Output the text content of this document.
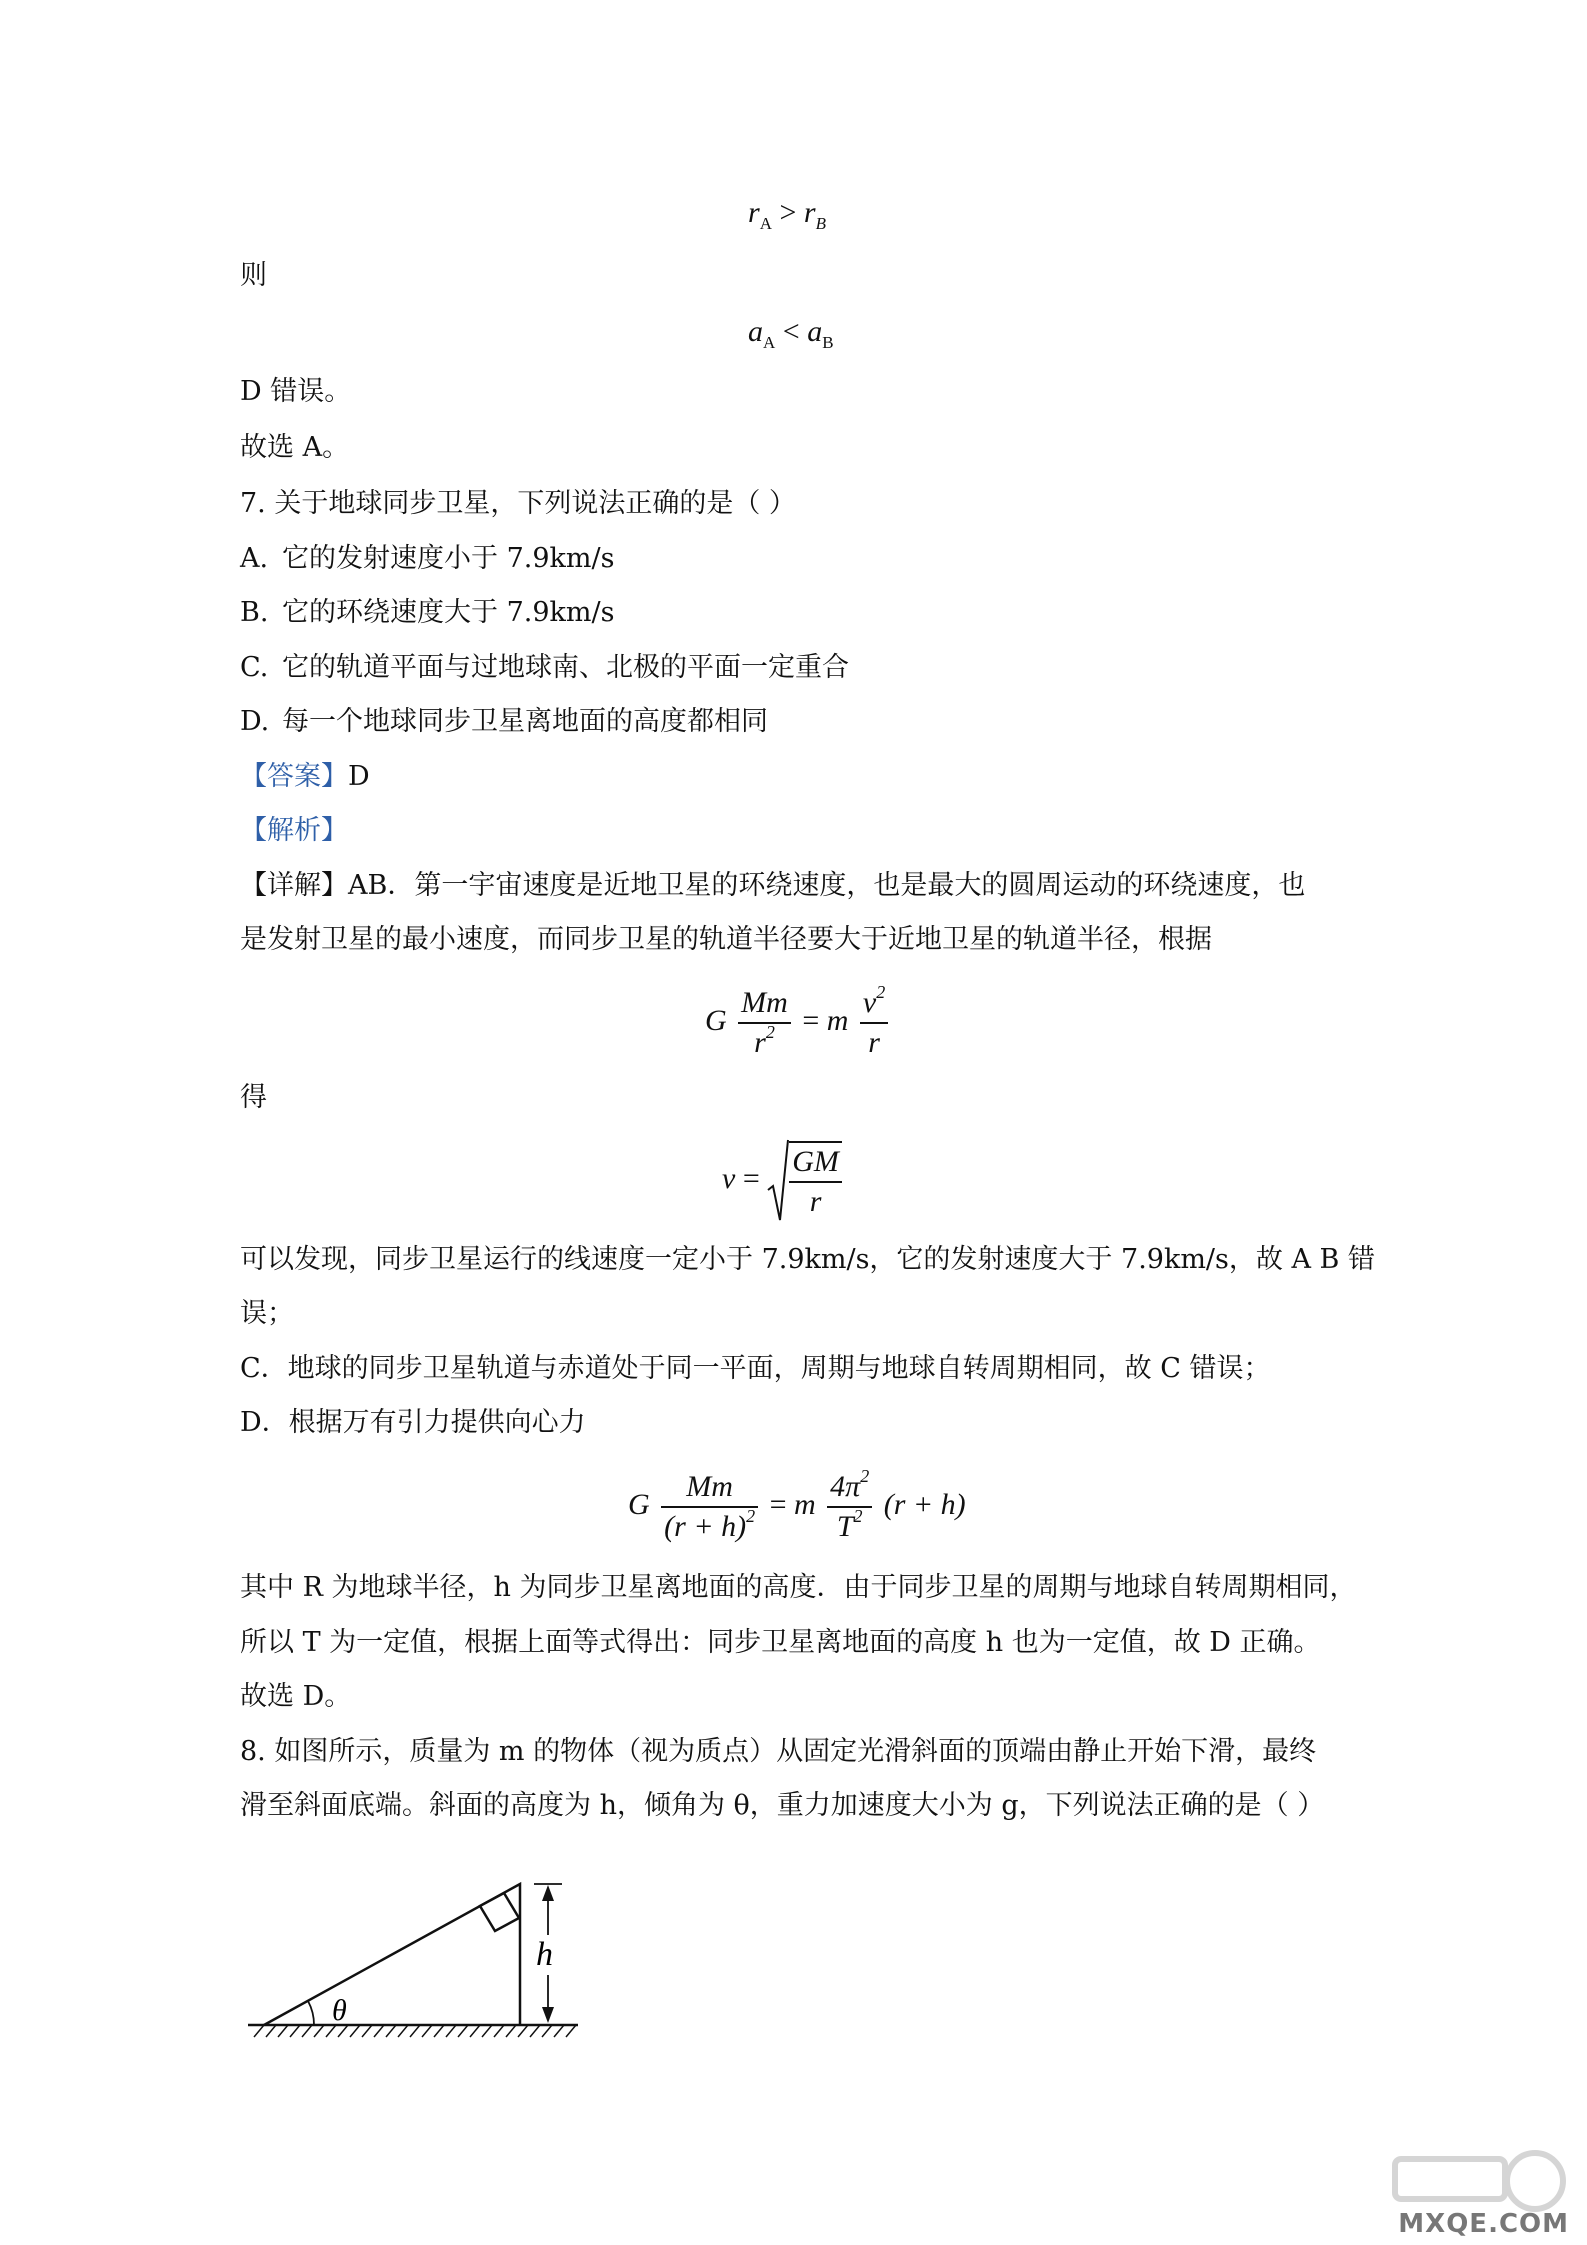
$r_A > r_B$
则
$a_A < a_B$
D 错误。
故选 A。
7. 关于地球同步卫星，下列说法正确的是（ ）
A. 它的发射速度小于 7.9km/s
B. 它的环绕速度大于 7.9km/s
C. 它的轨道平面与过地球南、北极的平面一定重合
D. 每一个地球同步卫星离地面的高度都相同
【答案】D
【解析】
【详解】AB．第一宇宙速度是近地卫星的环绕速度，也是最大的圆周运动的环绕速度，也
是发射卫星的最小速度，而同步卫星的轨道半径要大于近地卫星的轨道半径，根据
G $\frac{Mm}{r^2} = m \frac{v^2}{r}$
得
$v = \frac{GM}{r}$
可以发现，同步卫星运行的线速度一定小于 7.9km/s，它的发射速度大于 7.9km/s，故 A B 错
误；
C．地球的同步卫星轨道与赤道处于同一平面，周期与地球自转周期相同，故 C 错误；
D．根据万有引力提供向心力
G $\frac{Mm}{(r + h)^2} = m \frac{4\pi^2}{T^2} (r + h)$
其中 R 为地球半径，h 为同步卫星离地面的高度．由于同步卫星的周期与地球自转周期相同，
所以 T 为一定值，根据上面等式得出：同步卫星离地面的高度 h 也为一定值，故 D 正确。
故选 D。
8. 如图所示，质量为 m 的物体（视为质点）从固定光滑斜面的顶端由静止开始下滑，最终
滑至斜面底端。斜面的高度为 h，倾角为 θ，重力加速度大小为 g，下列说法正确的是（ ）
θ
h
MXQE.COM
